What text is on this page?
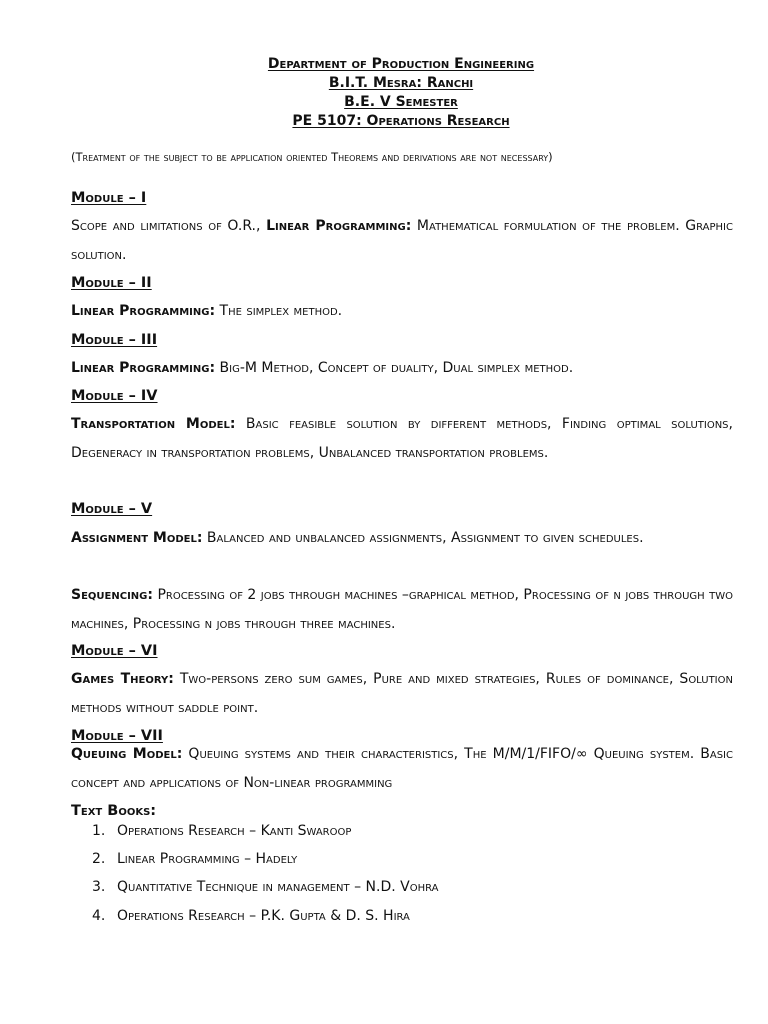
Department of Production Engineering
B.I.T. Mesra: Ranchi
B.E. V Semester
PE 5107: Operations Research
(Treatment of the subject to be application oriented Theorems and derivations are not necessary)
Module – I
Scope and limitations of O.R., Linear Programming: Mathematical formulation of the problem. Graphic solution.
Module – II
Linear Programming: The simplex method.
Module – III
Linear Programming: Big-M Method, Concept of duality, Dual simplex method.
Module – IV
Transportation Model: Basic feasible solution by different methods, Finding optimal solutions, Degeneracy in transportation problems, Unbalanced transportation problems.
Module – V
Assignment Model: Balanced and unbalanced assignments, Assignment to given schedules.
Sequencing: Processing of 2 jobs through machines –graphical method, Processing of n jobs through two machines, Processing n jobs through three machines.
Module – VI
Games Theory: Two-persons zero sum games, Pure and mixed strategies, Rules of dominance, Solution methods without saddle point.
Module – VII
Queuing Model: Queuing systems and their characteristics, The M/M/1/FIFO/∞ Queuing system. Basic concept and applications of Non-linear programming
Text Books:
1. Operations Research – Kanti Swaroop
2. Linear Programming – Hadely
3. Quantitative Technique in management – N.D. Vohra
4. Operations Research – P.K. Gupta & D. S. Hira
